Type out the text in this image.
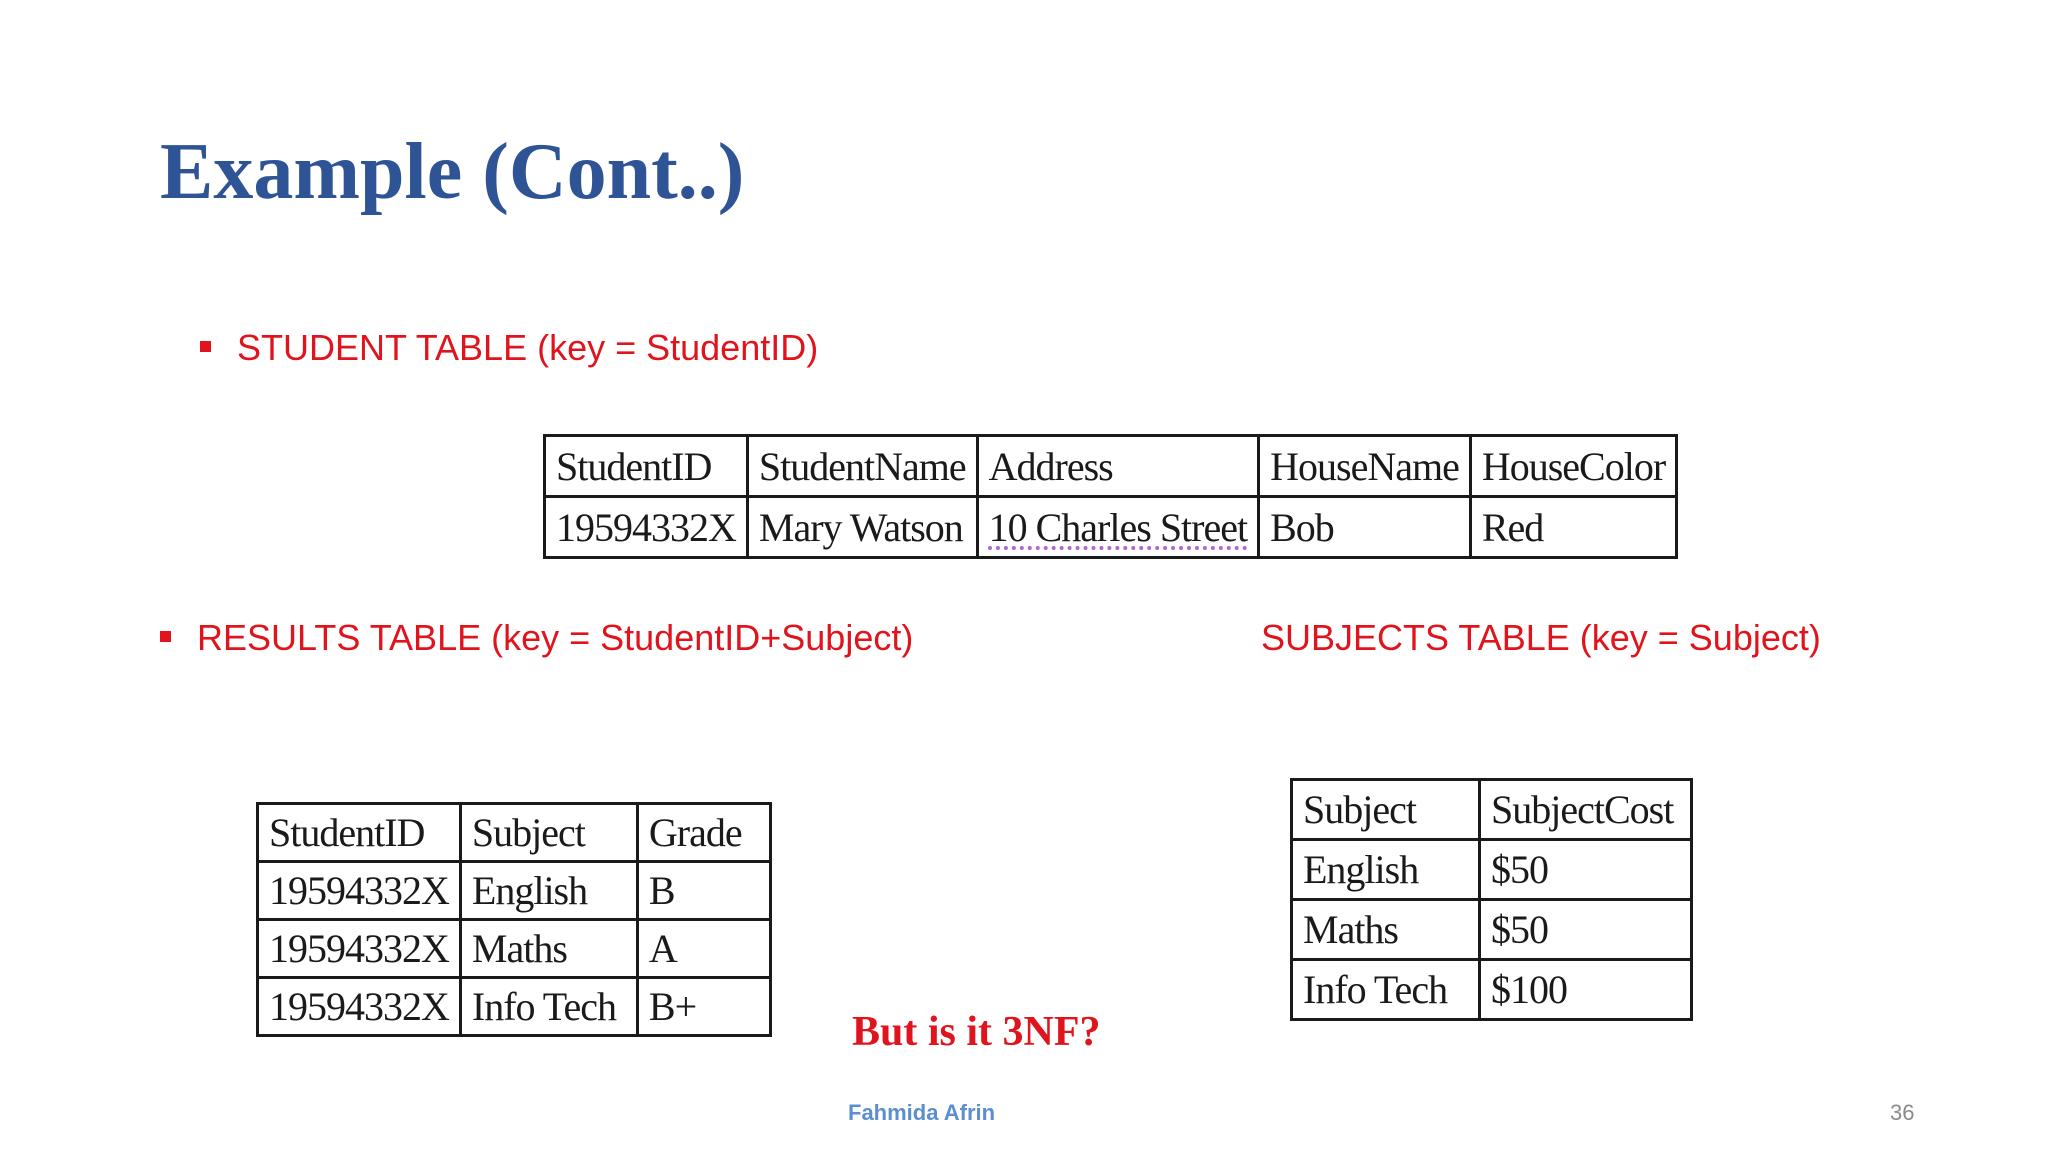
Example (Cont..)
STUDENT TABLE (key = StudentID)
StudentID	StudentName	Address	HouseName	HouseColor
19594332X	Mary Watson	10 Charles Street	Bob	Red
RESULTS TABLE (key = StudentID+Subject)	SUBJECTS TABLE (key = Subject)
StudentID	Subject	Grade
19594332X	English	B
19594332X	Maths	A
19594332X	Info Tech	B+
Subject	SubjectCost
English	$50
Maths	$50
Info Tech	$100
But is it 3NF?
Fahmida Afrin	36
